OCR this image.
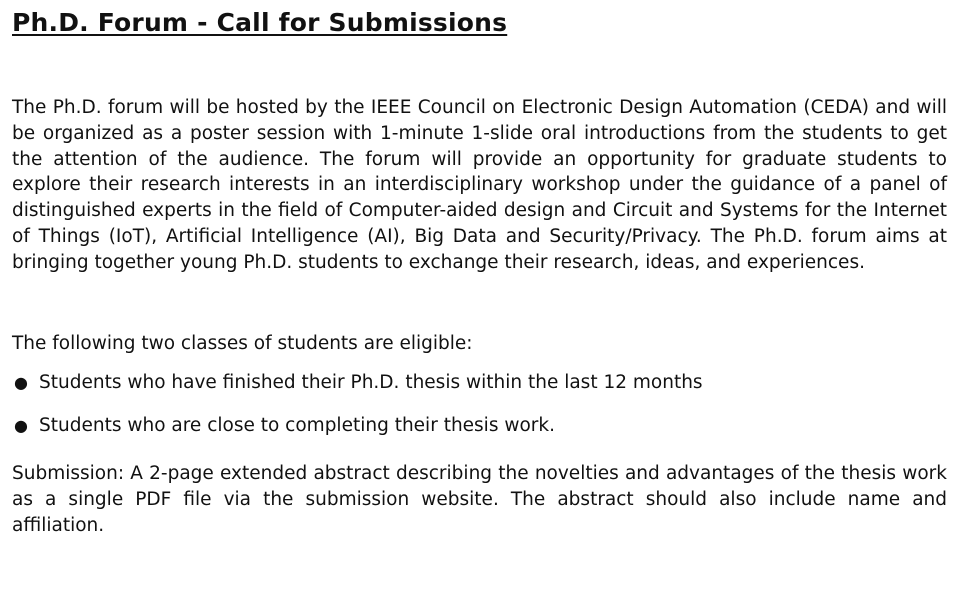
Ph.D. Forum - Call for Submissions

The Ph.D. forum will be hosted by the IEEE Council on Electronic Design Automation (CEDA) and will be organized as a poster session with 1-minute 1-slide oral introductions from the students to get the attention of the audience. The forum will provide an opportunity for graduate students to explore their research interests in an interdisciplinary workshop under the guidance of a panel of distinguished experts in the field of Computer-aided design and Circuit and Systems for the Internet of Things (IoT), Artificial Intelligence (AI), Big Data and Security/Privacy. The Ph.D. forum aims at bringing together young Ph.D. students to exchange their research, ideas, and experiences.

The following two classes of students are eligible:

● Students who have finished their Ph.D. thesis within the last 12 months
● Students who are close to completing their thesis work.

Submission: A 2-page extended abstract describing the novelties and advantages of the thesis work as a single PDF file via the submission website. The abstract should also include name and affiliation.
